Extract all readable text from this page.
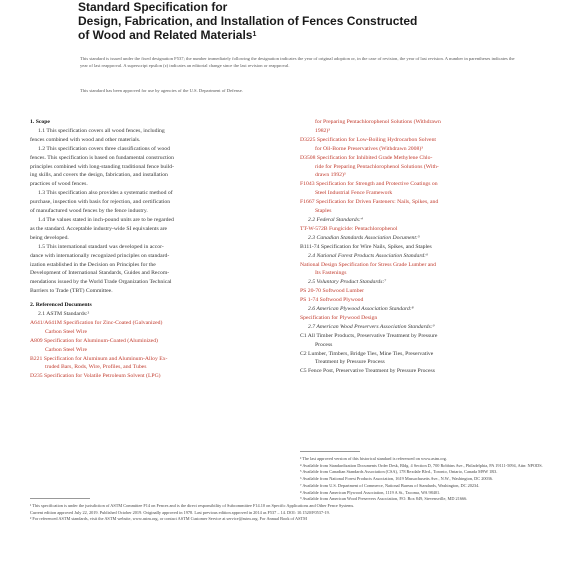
Standard Specification for
Design, Fabrication, and Installation of Fences Constructed
of Wood and Related Materials$^1$
This standard is issued under the fixed designation F537; the number immediately following the designation indicates the year of original adoption or, in the case of revision, the year of last revision. A number in parentheses indicates the year of last reapproval. A superscript epsilon (ε) indicates an editorial change since the last revision or reapproval.
This standard has been approved for use by agencies of the U.S. Department of Defense.
1. Scope
1.1 This specification covers all wood fences, including
fences combined with wood and other materials.
1.2 This specification covers three classifications of wood
fences. This specification is based on fundamental construction
principles combined with long-standing traditional fence build-
ing skills, and covers the design, fabrication, and installation
practices of wood fences.
1.3 This specification also provides a systematic method of
purchase, inspection with basis for rejection, and certification
of manufactured wood fences by the fence industry.
1.4 The values stated in inch-pound units are to be regarded
as the standard. Acceptable industry-wide SI equivalents are
being developed.
1.5 This international standard was developed in accor-
dance with internationally recognized principles on standard-
ization established in the Decision on Principles for the
Development of International Standards, Guides and Recom-
mendations issued by the World Trade Organization Technical
Barriers to Trade (TBT) Committee.
2. Referenced Documents
2.1 ASTM Standards:²
A641/A641M Specification for Zinc-Coated (Galvanized)
Carbon Steel Wire
A809 Specification for Aluminum-Coated (Aluminized)
Carbon Steel Wire
B221 Specification for Aluminum and Aluminum-Alloy Ex-
truded Bars, Rods, Wire, Profiles, and Tubes
D235 Specification for Volatile Petroleum Solvent (LPG)
for Preparing Pentachlorophenol Solutions (Withdrawn
1982)³
D3225 Specification for Low-Boiling Hydrocarbon Solvent
for Oil-Borne Preservatives (Withdrawn 2008)³
D3508 Specification for Inhibited Grade Methylene Chlo-
ride for Preparing Pentachlorophenol Solutions (With-
drawn 1992)³
F1043 Specification for Strength and Protective Coatings on
Steel Industrial Fence Framework
F1667 Specification for Driven Fasteners: Nails, Spikes, and
Staples
2.2 Federal Standards:⁴
TT-W-572B Fungicide: Pentachlorophenol
2.3 Canadian Standards Association Document:⁵
B111-74 Specification for Wire Nails, Spikes, and Staples
2.4 National Forest Products Association Standard:⁶
National Design Specification for Stress Grade Lumber and
Its Fastenings
2.5 Voluntary Product Standards:⁷
PS 20-70 Softwood Lumber
PS 1-74 Softwood Plywood
2.6 American Plywood Association Standard:⁸
Specification for Plywood Design
2.7 American Wood Preservers Association Standards:⁹
C1 All Timber Products, Preservative Treatment by Pressure
Process
C2 Lumber, Timbers, Bridge Ties, Mine Ties, Preservative
Treatment by Pressure Process
C5 Fence Post, Preservative Treatment by Pressure Process
¹ This specification is under the jurisdiction of ASTM Committee F14 on Fences and is the direct responsibility of Subcommittee F14.10 on Specific Applications and Other Fence Systems.
Current edition approved July 22, 2019. Published October 2019. Originally approved in 1978. Last previous edition approved in 2014 as F537 – 14. DOI: 10.1520/F0537-19.
² For referenced ASTM standards, visit the ASTM website, www.astm.org, or contact ASTM Customer Service at service@astm.org. For Annual Book of ASTM
³ The last approved version of this historical standard is referenced on www.astm.org.
⁴ Available from Standardization Documents Order Desk, Bldg. 4 Section D, 700 Robbins Ave., Philadelphia, PA 19111-5094, Attn: NPODS.
⁵ Available from Canadian Standards Association (CSA), 178 Rexdale Blvd., Toronto, Ontario, Canada M9W 1R3.
⁶ Available from National Forest Products Association, 1619 Massachusetts Ave., N.W., Washington, DC 20036.
⁷ Available from U.S. Department of Commerce, National Bureau of Standards, Washington, DC 20234.
⁸ Available from American Plywood Association, 1119 A St., Tacoma, WA 98401.
⁹ Available from American Wood Preservers Association, P.O. Box 849, Stevensville, MD 21666.
